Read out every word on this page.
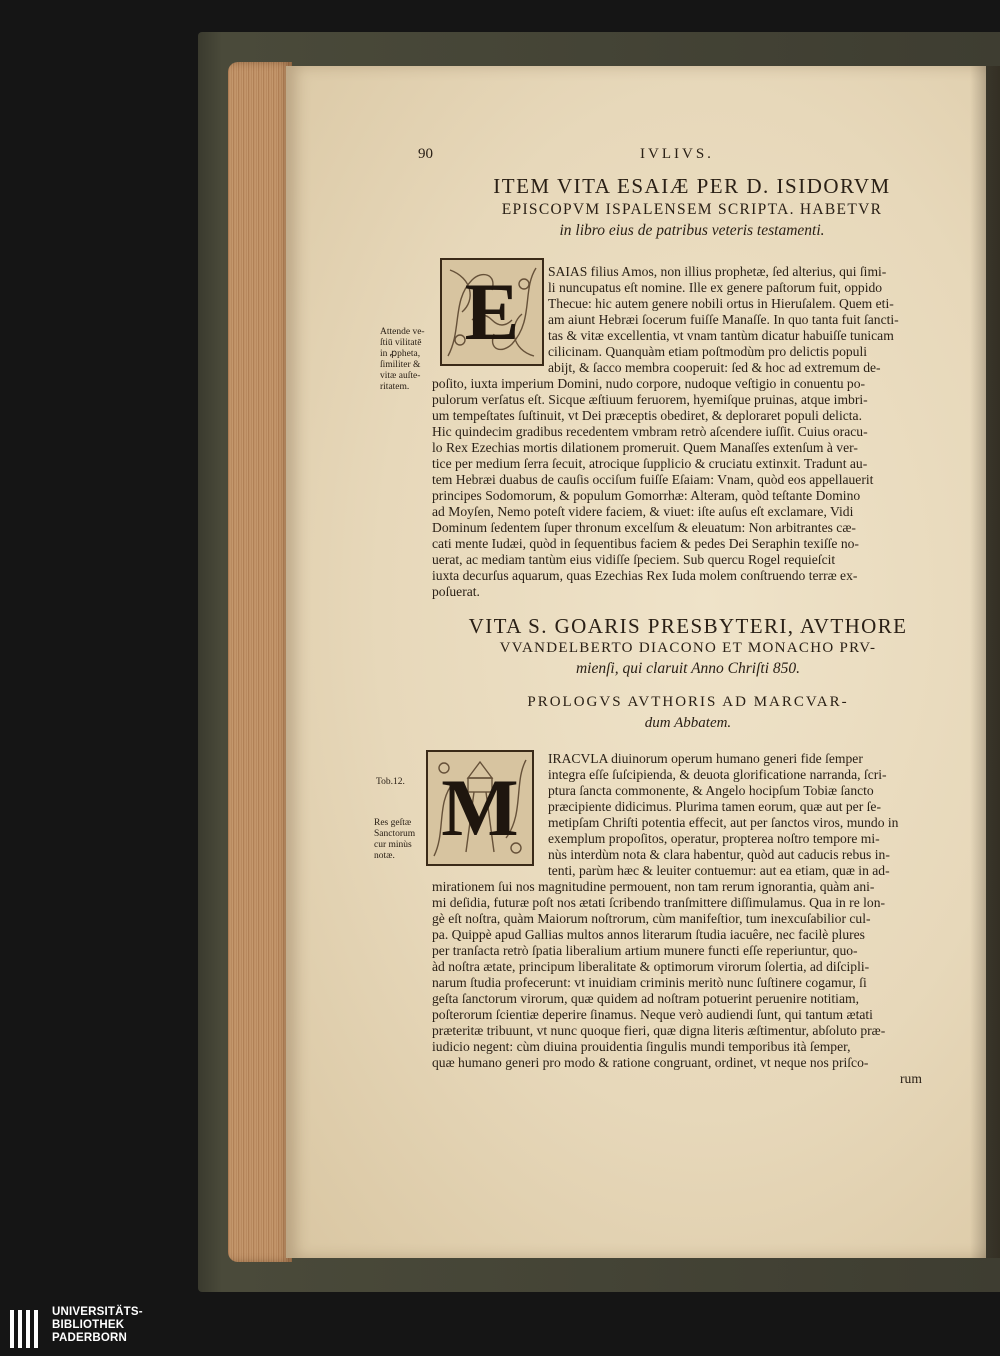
90	IVLIVS.
ITEM VITA ESAIÆ PER D. ISIDORVM
EPISCOPVM ISPALENSEM SCRIPTA. HABETVR
in libro eius de patribus veteris testamenti.
E SAIAS filius Amos, non illius prophetæ, ſed alterius, qui ſimi-
li nuncupatus eſt nomine. Ille ex genere paſtorum fuit, oppido
Thecue: hic autem genere nobili ortus in Hieruſalem. Quem eti-
am aiunt Hebræi ſocerum fuiſſe Manaſſe. In quo tanta fuit ſancti-
tas & vitæ excellentia, vt vnam tantùm dicatur habuiſſe tunicam
cilicinam. Quanquàm etiam poſtmodùm pro delictis populi
abijt, & ſacco membra cooperuit: ſed & hoc ad extremum de-
poſito, iuxta imperium Domini, nudo corpore, nudoque veſtigio in conuentu po-
pulorum verſatus eſt. Sicque æſtiuum feruorem, hyemiſque pruinas, atque imbri-
um tempeſtates ſuſtinuit, vt Dei præceptis obediret, & deploraret populi delicta.
Hic quindecim gradibus recedentem vmbram retrò aſcendere iuſſit. Cuius oracu-
lo Rex Ezechias mortis dilationem promeruit. Quem Manaſſes extenſum à ver-
tice per medium ſerra ſecuit, atrocique ſupplicio & cruciatu extinxit. Tradunt au-
tem Hebræi duabus de cauſis occiſum fuiſſe Eſaiam: Vnam, quòd eos appellauerit
principes Sodomorum, & populum Gomorrhæ: Alteram, quòd teſtante Domino
ad Moyſen, Nemo poteſt videre faciem, & viuet: iſte auſus eſt exclamare, Vidi
Dominum ſedentem ſuper thronum excelſum & eleuatum: Non arbitrantes cæ-
cati mente Iudæi, quòd in ſequentibus faciem & pedes Dei Seraphin texiſſe no-
uerat, ac mediam tantùm eius vidiſſe ſpeciem. Sub quercu Rogel requieſcit
iuxta decurſus aquarum, quas Ezechias Rex Iuda molem conſtruendo terræ ex-
poſuerat.
Attende ve-
ſtiū vilitatē
in ꝓpheta,
ſimiliter &
vitæ auſte-
ritatem.
VITA S. GOARIS PRESBYTERI, AVTHORE
VVANDELBERTO DIACONO ET MONACHO PRV-
mienſi, qui claruit Anno Chriſti 850.
PROLOGVS AVTHORIS AD MARCVAR-
dum Abbatem.
M
IRACVLA diuinorum operum humano generi fide ſemper
integra eſſe ſuſcipienda, & deuota glorificatione narranda, ſcri-
ptura ſancta commonente, & Angelo hocipſum Tobiæ ſancto
præcipiente didicimus. Plurima tamen eorum, quæ aut per ſe-
metipſam Chriſti potentia effecit, aut per ſanctos viros, mundo in
exemplum propoſitos, operatur, propterea noſtro tempore mi-
nùs interdùm nota & clara habentur, quòd aut caducis rebus in-
tenti, parùm hæc & leuiter contuemur: aut ea etiam, quæ in ad-
mirationem ſui nos magnitudine permouent, non tam rerum ignorantia, quàm ani-
mi deſidia, futuræ poſt nos ætati ſcribendo tranſmittere diſſimulamus. Qua in re lon-
gè eſt noſtra, quàm Maiorum noſtrorum, cùm manifeſtior, tum inexcuſabilior cul-
pa. Quippè apud Gallias multos annos literarum ſtudia iacuêre, nec facilè plures
per tranſacta retrò ſpatia liberalium artium munere functi eſſe reperiuntur, quo-
àd noſtra ætate, principum liberalitate & optimorum virorum ſolertia, ad diſcipli-
narum ſtudia profecerunt: vt inuidiam criminis meritò nunc ſuſtinere cogamur, ſi
geſta ſanctorum virorum, quæ quidem ad noſtram potuerint peruenire notitiam,
poſterorum ſcientiæ deperire ſinamus. Neque verò audiendi ſunt, qui tantum ætati
præteritæ tribuunt, vt nunc quoque fieri, quæ digna literis æſtimentur, abſoluto præ-
iudicio negent: cùm diuina prouidentia ſingulis mundi temporibus ità ſemper,
quæ humano generi pro modo & ratione congruant, ordinet, vt neque nos priſco-
rum
Tob.12.
Res geſtæ
Sanctorum
cur minùs
notæ.
UNIVERSITÄTS-
BIBLIOTHEK
PADERBORN
